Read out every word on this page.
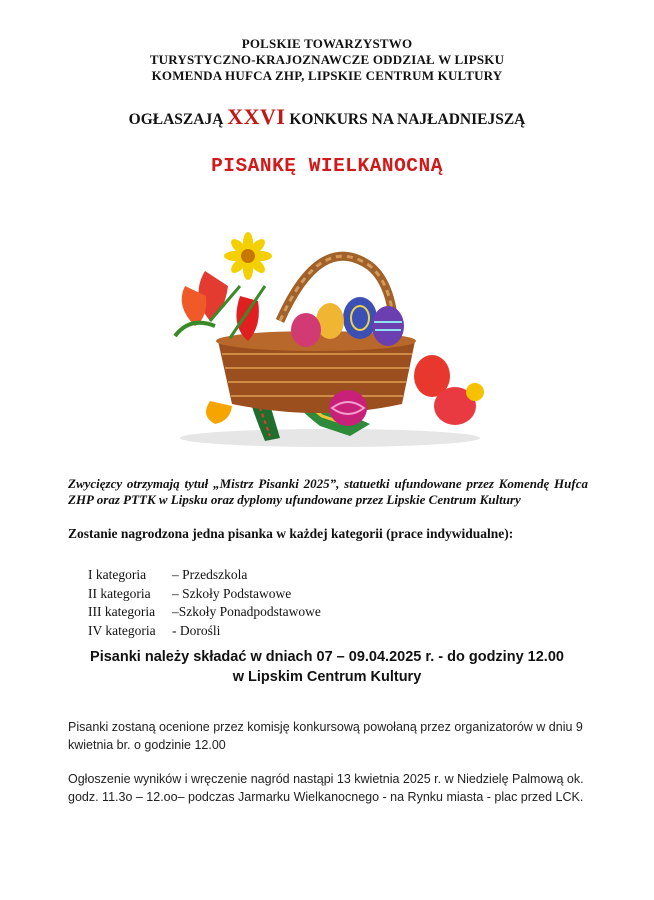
POLSKIE TOWARZYSTWO
TURYSTYCZNO-KRAJOZNAWCZE ODDZIAŁ W LIPSKU
KOMENDA HUFCA ZHP, LIPSKIE CENTRUM KULTURY
OGŁASZAJĄ XXVI KONKURS NA NAJŁADNIEJSZĄ
PISANKĘ WIELKANOCNĄ
Zwycięzcy otrzymają tytuł „Mistrz Pisanki 2025”, statuetki ufundowane przez Komendę Hufca ZHP oraz PTTK w Lipsku oraz dyplomy ufundowane przez Lipskie Centrum Kultury
Zostanie nagrodzona jedna pisanka w każdej kategorii (prace indywidualne):
I kategoria – Przedszkola
II kategoria – Szkoły Podstawowe
III kategoria –Szkoły Ponadpodstawowe
IV kategoria - Dorośli
Pisanki należy składać w dniach 07 – 09.04.2025 r. - do godziny 12.00
w Lipskim Centrum Kultury
Pisanki zostaną ocenione przez komisję konkursową powołaną przez organizatorów w dniu 9 kwietnia br. o godzinie 12.00
Ogłoszenie wyników i wręczenie nagród nastąpi 13 kwietnia 2025 r. w Niedzielę Palmową ok. godz. 11.3o – 12.oo– podczas Jarmarku Wielkanocnego - na Rynku miasta - plac przed LCK.
